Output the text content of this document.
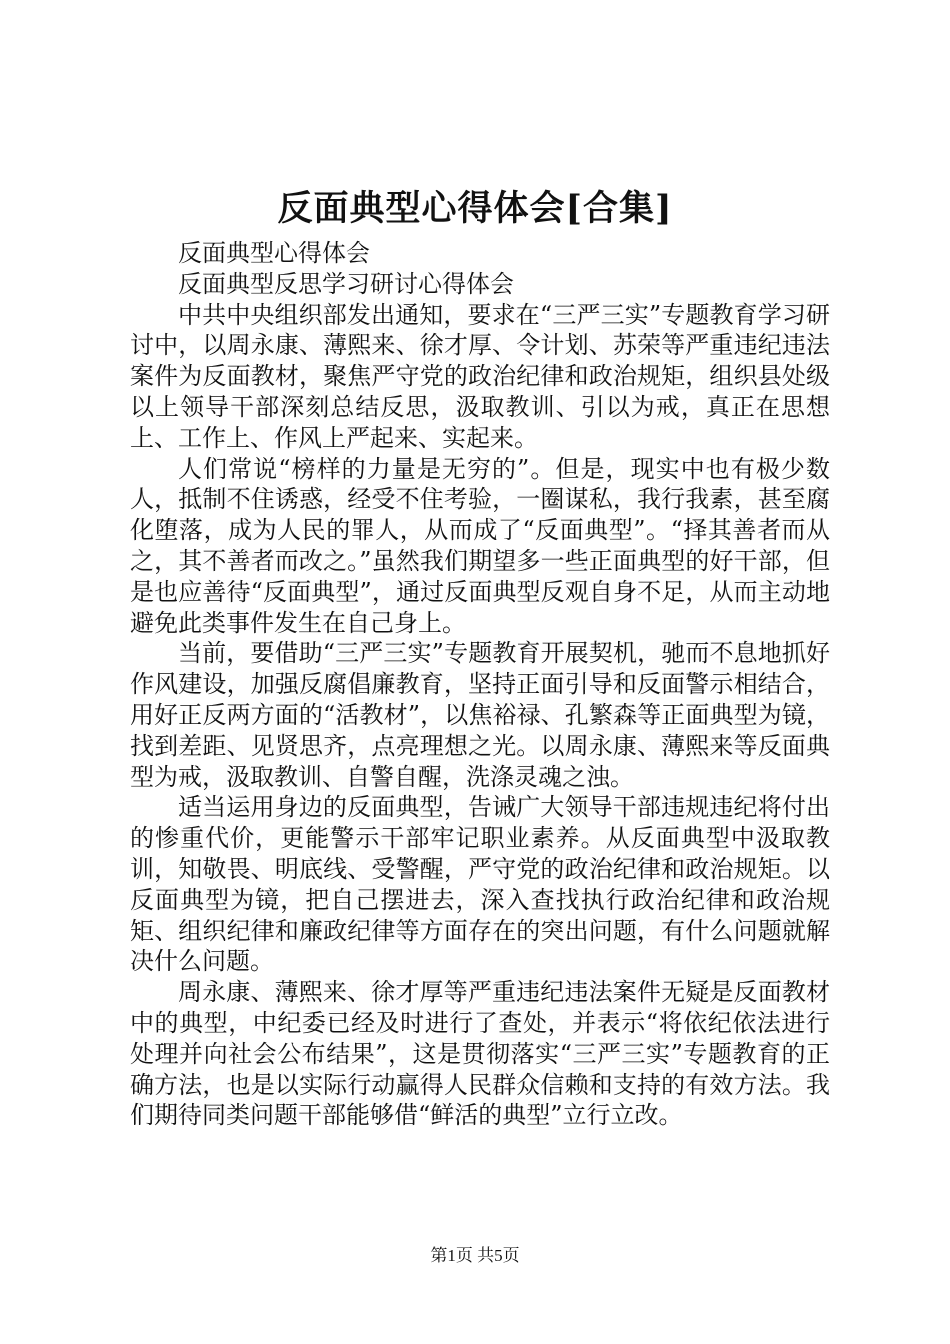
反面典型心得体会[合集]

反面典型心得体会

反面典型反思学习研讨心得体会

中共中央组织部发出通知，要求在“三严三实”专题教育学习研讨中，以周永康、薄熙来、徐才厚、令计划、苏荣等严重违纪违法案件为反面教材，聚焦严守党的政治纪律和政治规矩，组织县处级以上领导干部深刻总结反思，汲取教训、引以为戒，真正在思想上、工作上、作风上严起来、实起来。

人们常说“榜样的力量是无穷的”。但是，现实中也有极少数人，抵制不住诱惑，经受不住考验，一圈谋私，我行我素，甚至腐化堕落，成为人民的罪人，从而成了“反面典型”。“择其善者而从之，其不善者而改之。”虽然我们期望多一些正面典型的好干部，但是也应善待“反面典型”，通过反面典型反观自身不足，从而主动地避免此类事件发生在自己身上。

当前，要借助“三严三实”专题教育开展契机，驰而不息地抓好作风建设，加强反腐倡廉教育，坚持正面引导和反面警示相结合，用好正反两方面的“活教材”，以焦裕禄、孔繁森等正面典型为镜，找到差距、见贤思齐，点亮理想之光。以周永康、薄熙来等反面典型为戒，汲取教训、自警自醒，洗涤灵魂之浊。

适当运用身边的反面典型，告诫广大领导干部违规违纪将付出的惨重代价，更能警示干部牢记职业素养。从反面典型中汲取教训，知敬畏、明底线、受警醒，严守党的政治纪律和政治规矩。以反面典型为镜，把自己摆进去，深入查找执行政治纪律和政治规矩、组织纪律和廉政纪律等方面存在的突出问题，有什么问题就解决什么问题。

周永康、薄熙来、徐才厚等严重违纪违法案件无疑是反面教材中的典型，中纪委已经及时进行了查处，并表示“将依纪依法进行处理并向社会公布结果”，这是贯彻落实“三严三实”专题教育的正确方法，也是以实际行动赢得人民群众信赖和支持的有效方法。我们期待同类问题干部能够借“鲜活的典型”立行立改。

第1页 共5页
